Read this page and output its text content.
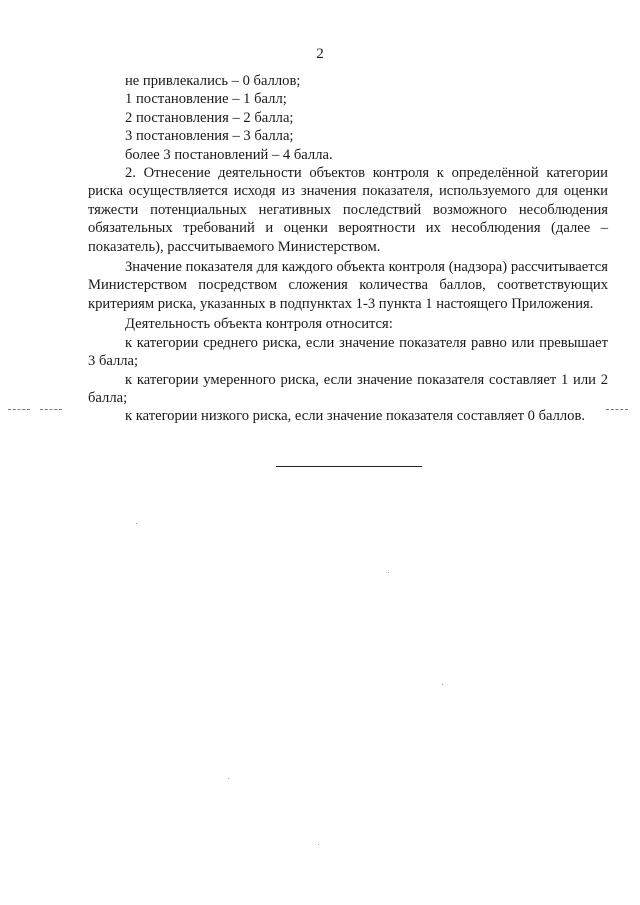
2

не привлекались – 0 баллов;

1 постановление – 1 балл;

2 постановления – 2 балла;

3 постановления – 3 балла;

более 3 постановлений – 4 балла.

2. Отнесение деятельности объектов контроля к определённой категории риска осуществляется исходя из значения показателя, используемого для оценки тяжести потенциальных негативных последствий возможного несоблюдения обязательных требований и оценки вероятности их несоблюдения (далее – показатель), рассчитываемого Министерством.

Значение показателя для каждого объекта контроля (надзора) рассчитывается Министерством посредством сложения количества баллов, соответствующих критериям риска, указанных в подпунктах 1-3 пункта 1 настоящего Приложения.

Деятельность объекта контроля относится:

к категории среднего риска, если значение показателя равно или превышает 3 балла;

к категории умеренного риска, если значение показателя составляет 1 или 2 балла;

к категории низкого риска, если значение показателя составляет 0 баллов.
